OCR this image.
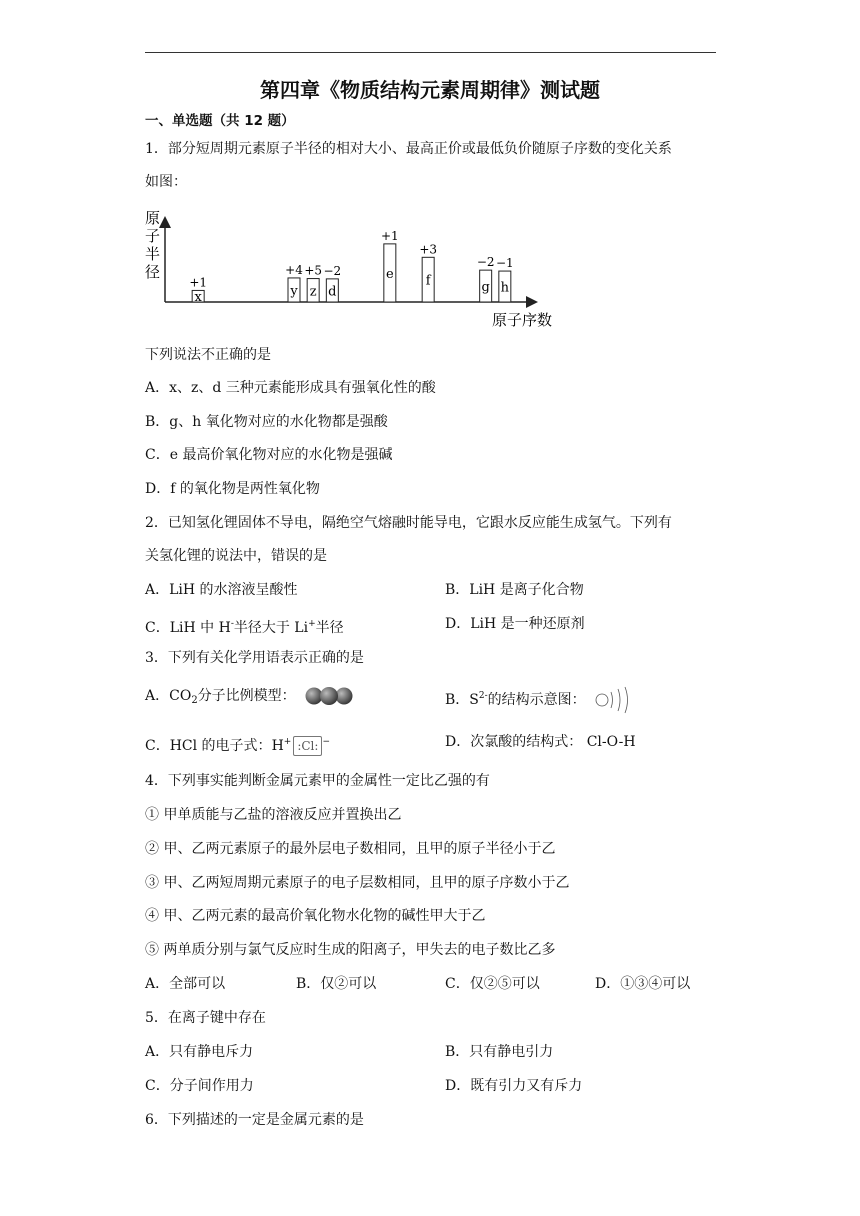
第四章《物质结构元素周期律》测试题
一、单选题（共 12 题）
1．部分短周期元素原子半径的相对大小、最高正价或最低负价随原子序数的变化关系
如图：
原
子
半
径
原子序数
x
+1
y
+4
z
+5
d
−2	e
+1
f
+3
g
−2
h
−1
下列说法不正确的是
A．x、z、d 三种元素能形成具有强氧化性的酸
B．g、h 氧化物对应的水化物都是强酸
C．e 最高价氧化物对应的水化物是强碱
D．f 的氧化物是两性氧化物
2．已知氢化锂固体不导电，隔绝空气熔融时能导电，它跟水反应能生成氢气。下列有
关氢化锂的说法中，错误的是
A．LiH 的水溶液呈酸性	B．LiH 是离子化合物
C．LiH 中 H-半径大于 Li+半径	D．LiH 是一种还原剂
3．下列有关化学用语表示正确的是
A．$CO_2$分子比例模型：	B．$S^{2-}$的结构示意图：
C．HCl 的电子式：H+ :Cl: −	D．次氯酸的结构式： Cl-O-H
4．下列事实能判断金属元素甲的金属性一定比乙强的有
① 甲单质能与乙盐的溶液反应并置换出乙
② 甲、乙两元素原子的最外层电子数相同，且甲的原子半径小于乙
③ 甲、乙两短周期元素原子的电子层数相同，且甲的原子序数小于乙
④ 甲、乙两元素的最高价氧化物水化物的碱性甲大于乙
⑤ 两单质分别与氯气反应时生成的阳离子，甲失去的电子数比乙多
A．全部可以	B．仅②可以	C．仅②⑤可以	D．①③④可以
5．在离子键中存在
A．只有静电斥力	B．只有静电引力
C．分子间作用力	D．既有引力又有斥力
6．下列描述的一定是金属元素的是
